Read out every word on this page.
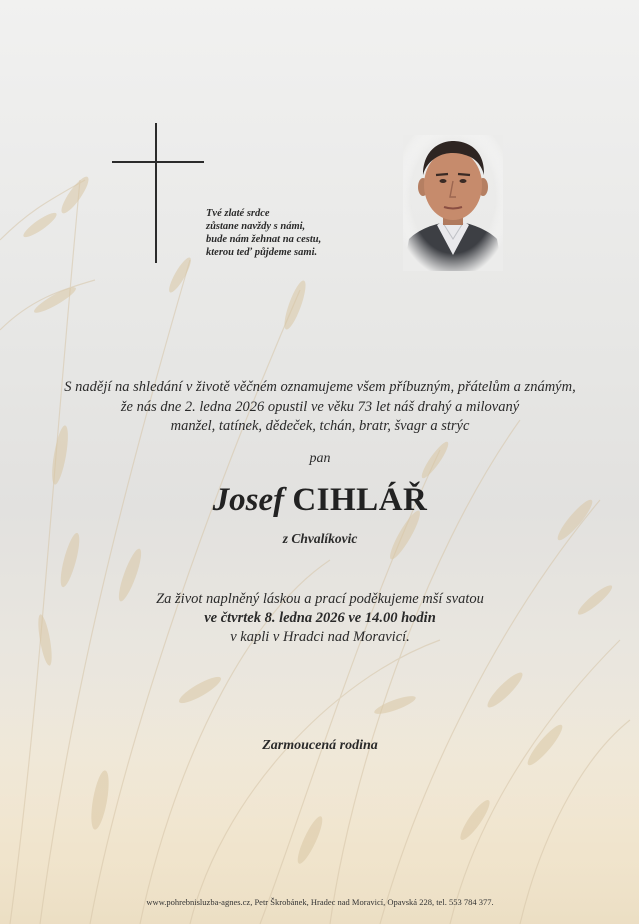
Tvé zlaté srdce
zůstane navždy s námi,
bude nám žehnat na cestu,
kterou teď půjdeme sami.
S nadějí na shledání v životě věčném oznamujeme všem příbuzným, přátelům a známým,
že nás dne 2. ledna 2026 opustil ve věku 73 let náš drahý a milovaný
manžel, tatínek, dědeček, tchán, bratr, švagr a strýc
pan
Josef CIHLÁŘ
z Chvalíkovic
Za život naplněný láskou a prací poděkujeme mší svatou
ve čtvrtek 8. ledna 2026 ve 14.00 hodin
v kapli v Hradci nad Moravicí.
Zarmoucená rodina
www.pohrebnisluzba-agnes.cz, Petr Škrobánek, Hradec nad Moravicí, Opavská 228, tel. 553 784 377.
